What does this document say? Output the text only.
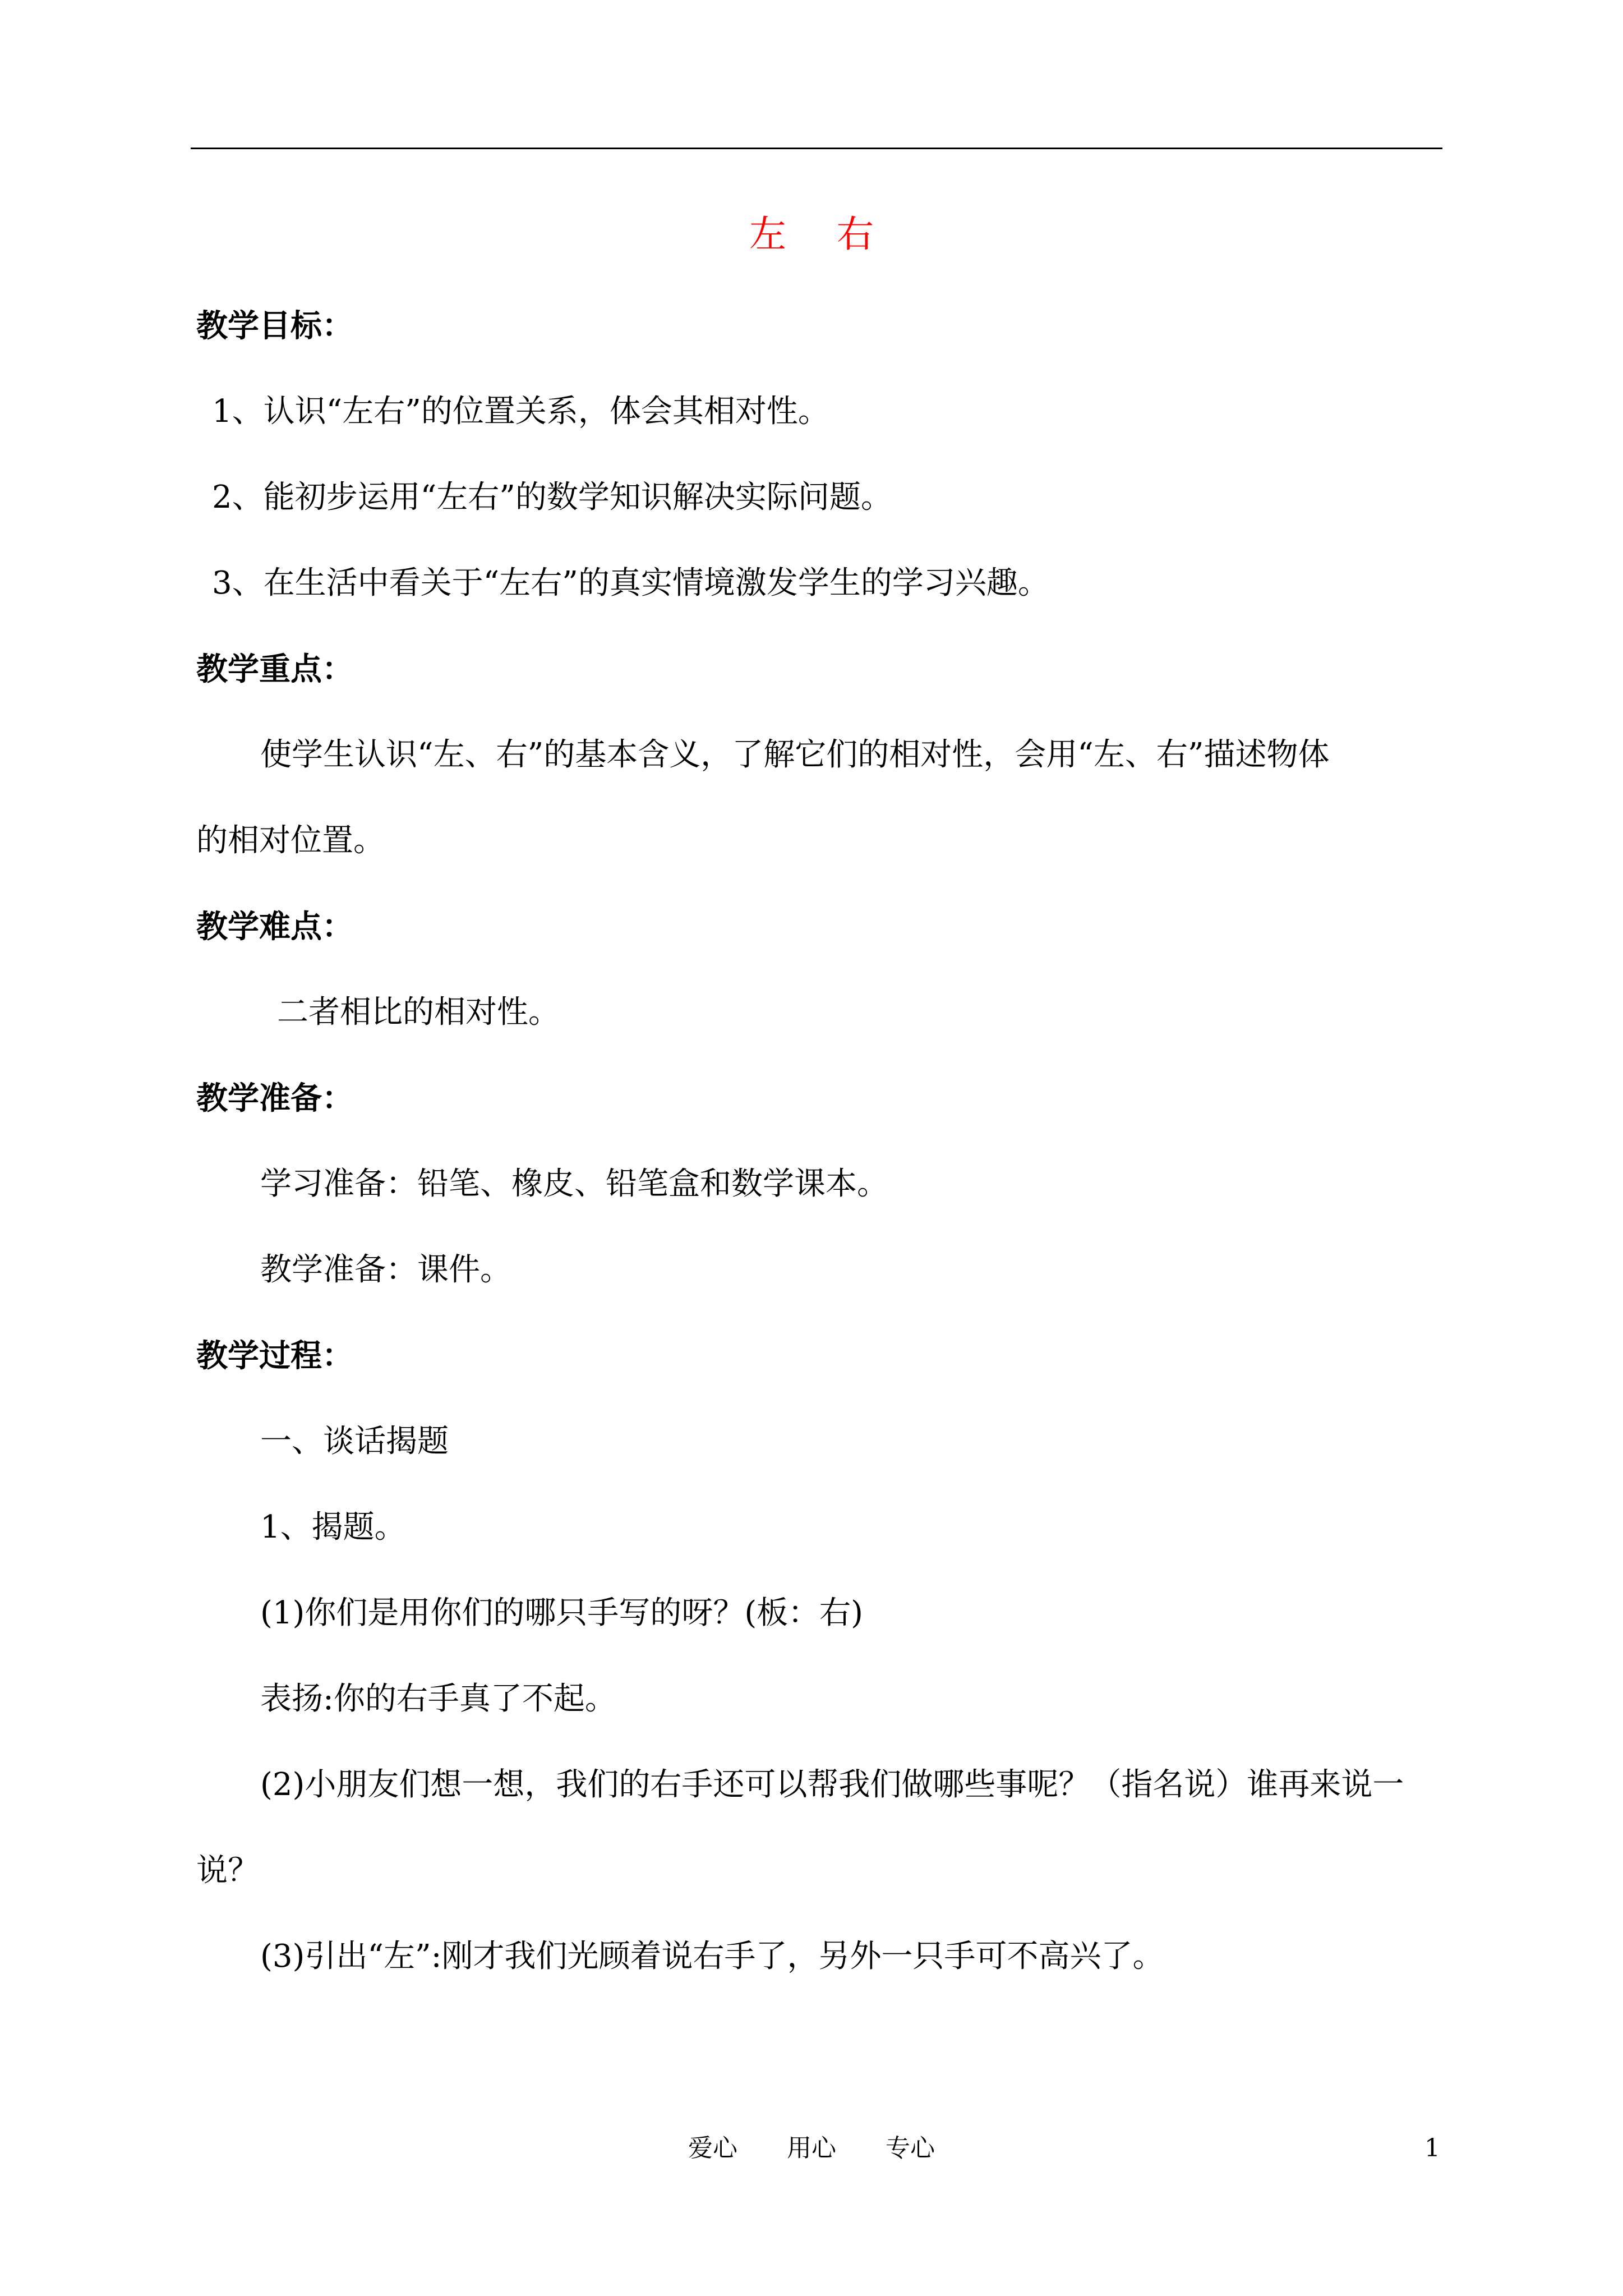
左右
教学目标：
1、认识“左右”的位置关系，体会其相对性。
2、能初步运用“左右”的数学知识解决实际问题。
3、在生活中看关于“左右”的真实情境激发学生的学习兴趣。
教学重点：
使学生认识“左、右”的基本含义，了解它们的相对性，会用“左、右”描述物体
的相对位置。
教学难点：
二者相比的相对性。
教学准备：
学习准备：铅笔、橡皮、铅笔盒和数学课本。
教学准备：课件。
教学过程：
一、谈话揭题
1、揭题。
(1)你们是用你们的哪只手写的呀？(板：右)
表扬:你的右手真了不起。
(2)小朋友们想一想，我们的右手还可以帮我们做哪些事呢？（指名说）谁再来说一
说？
(3)引出“左”:刚才我们光顾着说右手了，另外一只手可不高兴了。
爱心　　用心　　专心	1
